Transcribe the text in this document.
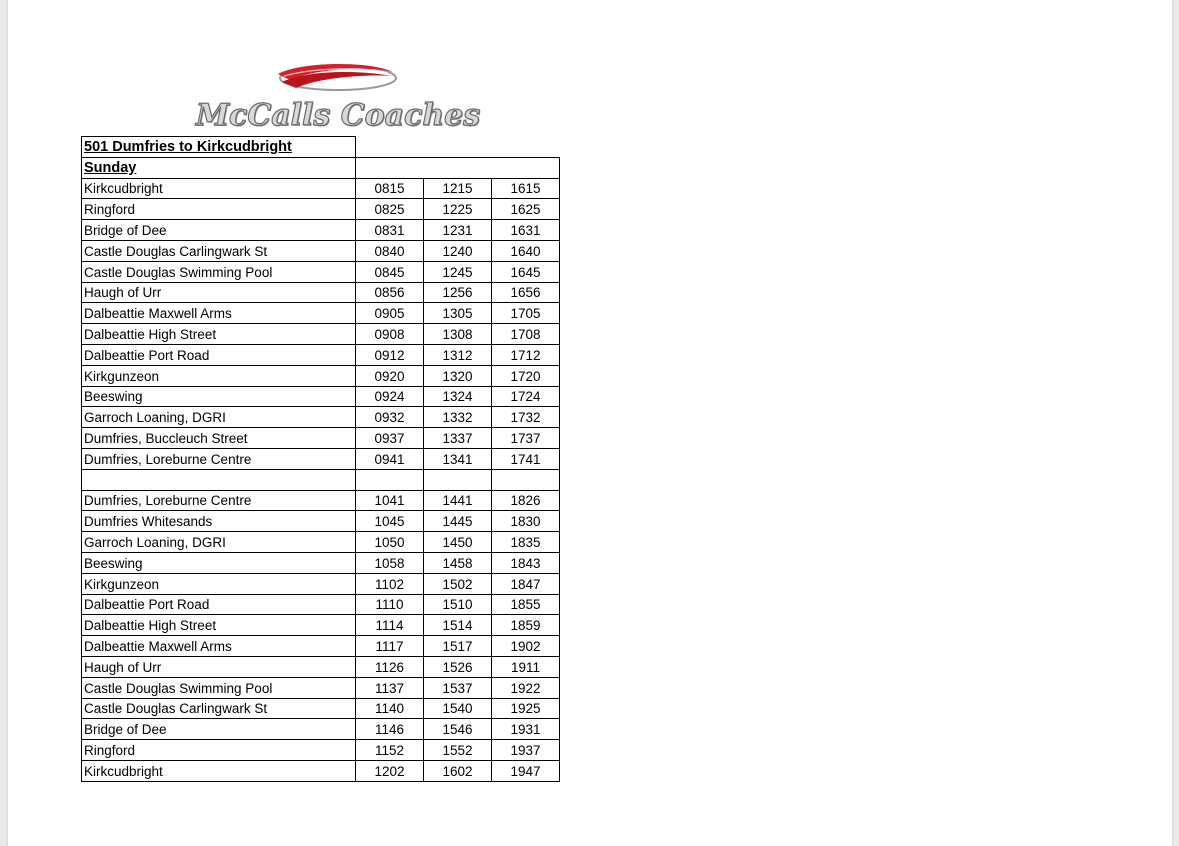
McCalls Coaches
501 Dumfries to Kirkcudbright			
Sunday			
Kirkcudbright	0815	1215	1615
Ringford	0825	1225	1625
Bridge of Dee	0831	1231	1631
Castle Douglas Carlingwark St	0840	1240	1640
Castle Douglas Swimming Pool	0845	1245	1645
Haugh of Urr	0856	1256	1656
Dalbeattie Maxwell Arms	0905	1305	1705
Dalbeattie High Street	0908	1308	1708
Dalbeattie Port Road	0912	1312	1712
Kirkgunzeon	0920	1320	1720
Beeswing	0924	1324	1724
Garroch Loaning, DGRI	0932	1332	1732
Dumfries, Buccleuch Street	0937	1337	1737
Dumfries, Loreburne Centre	0941	1341	1741

Dumfries, Loreburne Centre	1041	1441	1826
Dumfries Whitesands	1045	1445	1830
Garroch Loaning, DGRI	1050	1450	1835
Beeswing	1058	1458	1843
Kirkgunzeon	1102	1502	1847
Dalbeattie Port Road	1110	1510	1855
Dalbeattie High Street	1114	1514	1859
Dalbeattie Maxwell Arms	1117	1517	1902
Haugh of Urr	1126	1526	1911
Castle Douglas Swimming Pool	1137	1537	1922
Castle Douglas Carlingwark St	1140	1540	1925
Bridge of Dee	1146	1546	1931
Ringford	1152	1552	1937
Kirkcudbright	1202	1602	1947
